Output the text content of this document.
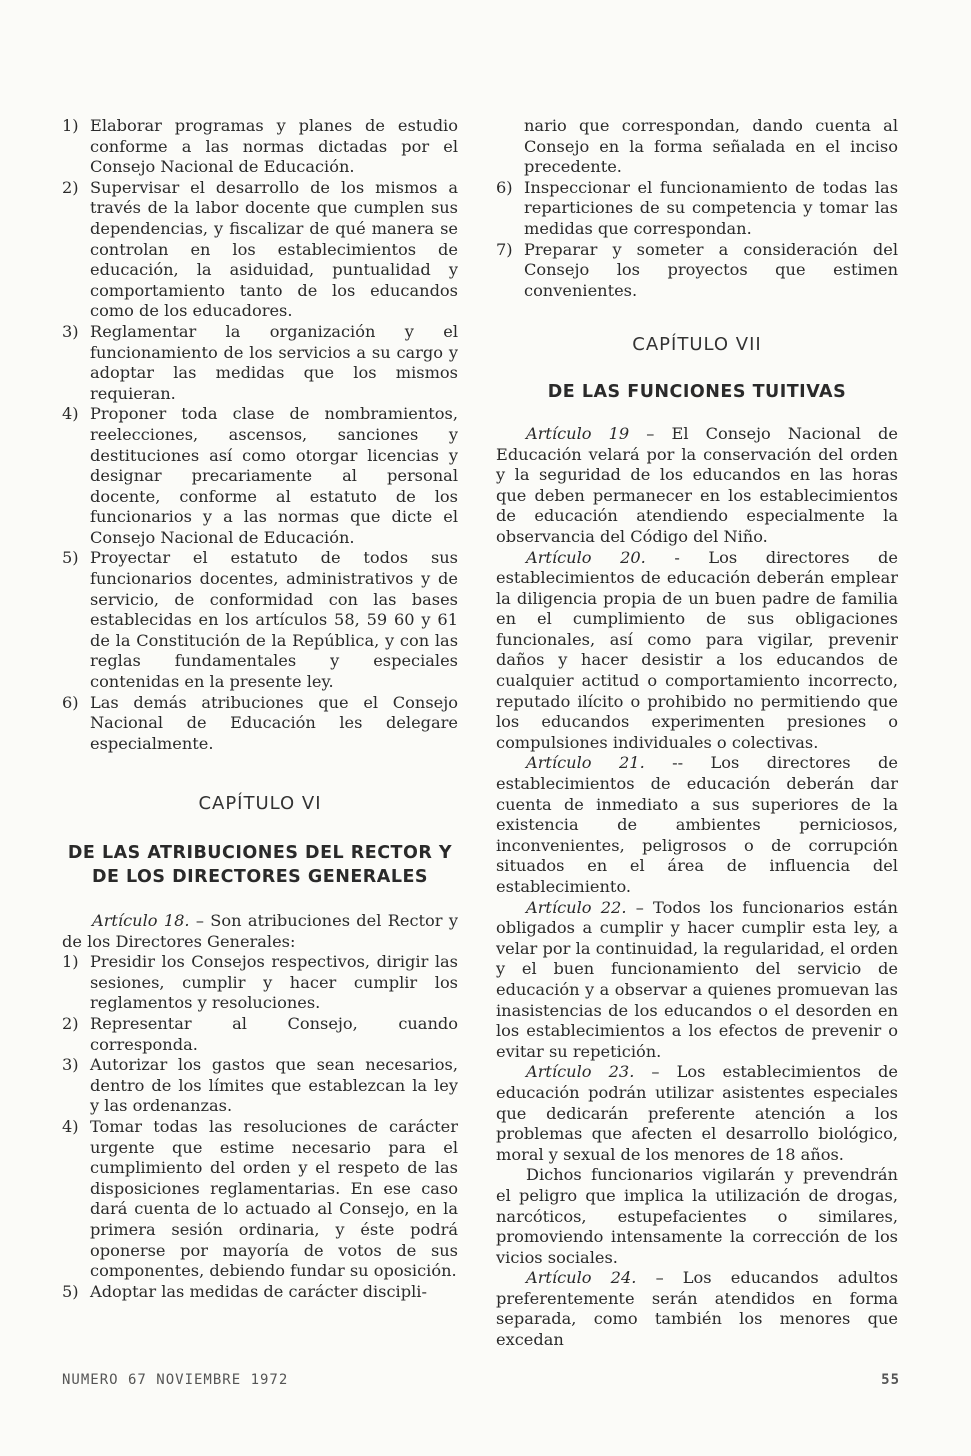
1) Elaborar programas y planes de estudio conforme a las normas dictadas por el Consejo Nacional de Educación.
2) Supervisar el desarrollo de los mismos a través de la labor docente que cumplen sus dependencias, y fiscalizar de qué manera se controlan en los establecimientos de educación, la asiduidad, puntualidad y comportamiento tanto de los educandos como de los educadores.
3) Reglamentar la organización y el funcionamiento de los servicios a su cargo y adoptar las medidas que los mismos requieran.
4) Proponer toda clase de nombramientos, reelecciones, ascensos, sanciones y destituciones así como otorgar licencias y designar precariamente al personal docente, conforme al estatuto de los funcionarios y a las normas que dicte el Consejo Nacional de Educación.
5) Proyectar el estatuto de todos sus funcionarios docentes, administrativos y de servicio, de conformidad con las bases establecidas en los artículos 58, 59 60 y 61 de la Constitución de la República, y con las reglas fundamentales y especiales contenidas en la presente ley.
6) Las demás atribuciones que el Consejo Nacional de Educación les delegare especialmente.
CAPÍTULO VI
DE LAS ATRIBUCIONES DEL RECTOR Y DE LOS DIRECTORES GENERALES
Artículo 18. – Son atribuciones del Rector y de los Directores Generales:
1) Presidir los Consejos respectivos, dirigir las sesiones, cumplir y hacer cumplir los reglamentos y resoluciones.
2) Representar al Consejo, cuando corresponda.
3) Autorizar los gastos que sean necesarios, dentro de los límites que establezcan la ley y las ordenanzas.
4) Tomar todas las resoluciones de carácter urgente que estime necesario para el cumplimiento del orden y el respeto de las disposiciones reglamentarias. En ese caso dará cuenta de lo actuado al Consejo, en la primera sesión ordinaria, y éste podrá oponerse por mayoría de votos de sus componentes, debiendo fundar su oposición.
5) Adoptar las medidas de carácter discipli-
nario que correspondan, dando cuenta al Consejo en la forma señalada en el inciso precedente.
6) Inspeccionar el funcionamiento de todas las reparticiones de su competencia y tomar las medidas que correspondan.
7) Preparar y someter a consideración del Consejo los proyectos que estimen convenientes.
CAPÍTULO VII
DE LAS FUNCIONES TUITIVAS
Artículo 19 – El Consejo Nacional de Educación velará por la conservación del orden y la seguridad de los educandos en las horas que deben permanecer en los establecimientos de educación atendiendo especialmente la observancia del Código del Niño.
Artículo 20. - Los directores de establecimientos de educación deberán emplear la diligencia propia de un buen padre de familia en el cumplimiento de sus obligaciones funcionales, así como para vigilar, prevenir daños y hacer desistir a los educandos de cualquier actitud o comportamiento incorrecto, reputado ilícito o prohibido no permitiendo que los educandos experimenten presiones o compulsiones individuales o colectivas.
Artículo 21. -- Los directores de establecimientos de educación deberán dar cuenta de inmediato a sus superiores de la existencia de ambientes perniciosos, inconvenientes, peligrosos o de corrupción situados en el área de influencia del establecimiento.
Artículo 22. – Todos los funcionarios están obligados a cumplir y hacer cumplir esta ley, a velar por la continuidad, la regularidad, el orden y el buen funcionamiento del servicio de educación y a observar a quienes promuevan las inasistencias de los educandos o el desorden en los establecimientos a los efectos de prevenir o evitar su repetición.
Artículo 23. – Los establecimientos de educación podrán utilizar asistentes especiales que dedicarán preferente atención a los problemas que afecten el desarrollo biológico, moral y sexual de los menores de 18 años.
Dichos funcionarios vigilarán y prevendrán el peligro que implica la utilización de drogas, narcóticos, estupefacientes o similares, promoviendo intensamente la corrección de los vicios sociales.
Artículo 24. – Los educandos adultos preferentemente serán atendidos en forma separada, como también los menores que excedan
NUMERO 67 NOVIEMBRE 1972	55
